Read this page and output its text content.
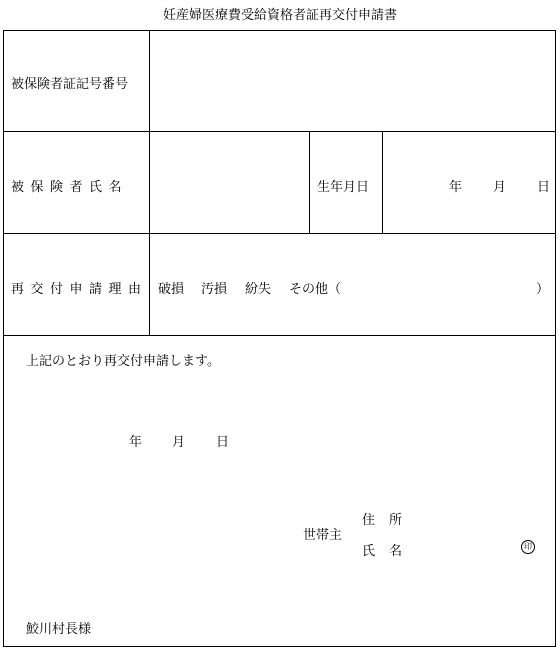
妊産婦医療費受給資格者証再交付申請書
被保険者証記号番号
被保険者氏名	生年月日	年 月 日
再交付申請理由 破損 汚損 紛失 その他（	）
上記のとおり再交付申請します。
年 月 日
世帯主
住所
氏名	印
鮫川村長様
